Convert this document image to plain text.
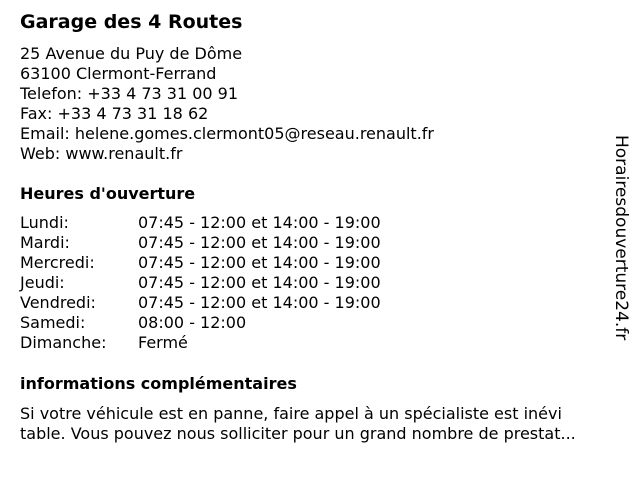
Garage des 4 Routes
25 Avenue du Puy de Dôme
63100 Clermont-Ferrand
Telefon: +33 4 73 31 00 91
Fax: +33 4 73 31 18 62
Email: helene.gomes.clermont05@reseau.renault.fr
Web: www.renault.fr
Heures d'ouverture
Lundi:	07:45 - 12:00 et 14:00 - 19:00
Mardi:	07:45 - 12:00 et 14:00 - 19:00
Mercredi:	07:45 - 12:00 et 14:00 - 19:00
Jeudi:	07:45 - 12:00 et 14:00 - 19:00
Vendredi:	07:45 - 12:00 et 14:00 - 19:00
Samedi:	08:00 - 12:00
Dimanche: Fermé
informations complémentaires
Si votre véhicule est en panne, faire appel à un spécialiste est inévi
table. Vous pouvez nous solliciter pour un grand nombre de prestat...
Horairesdouverture24.fr
